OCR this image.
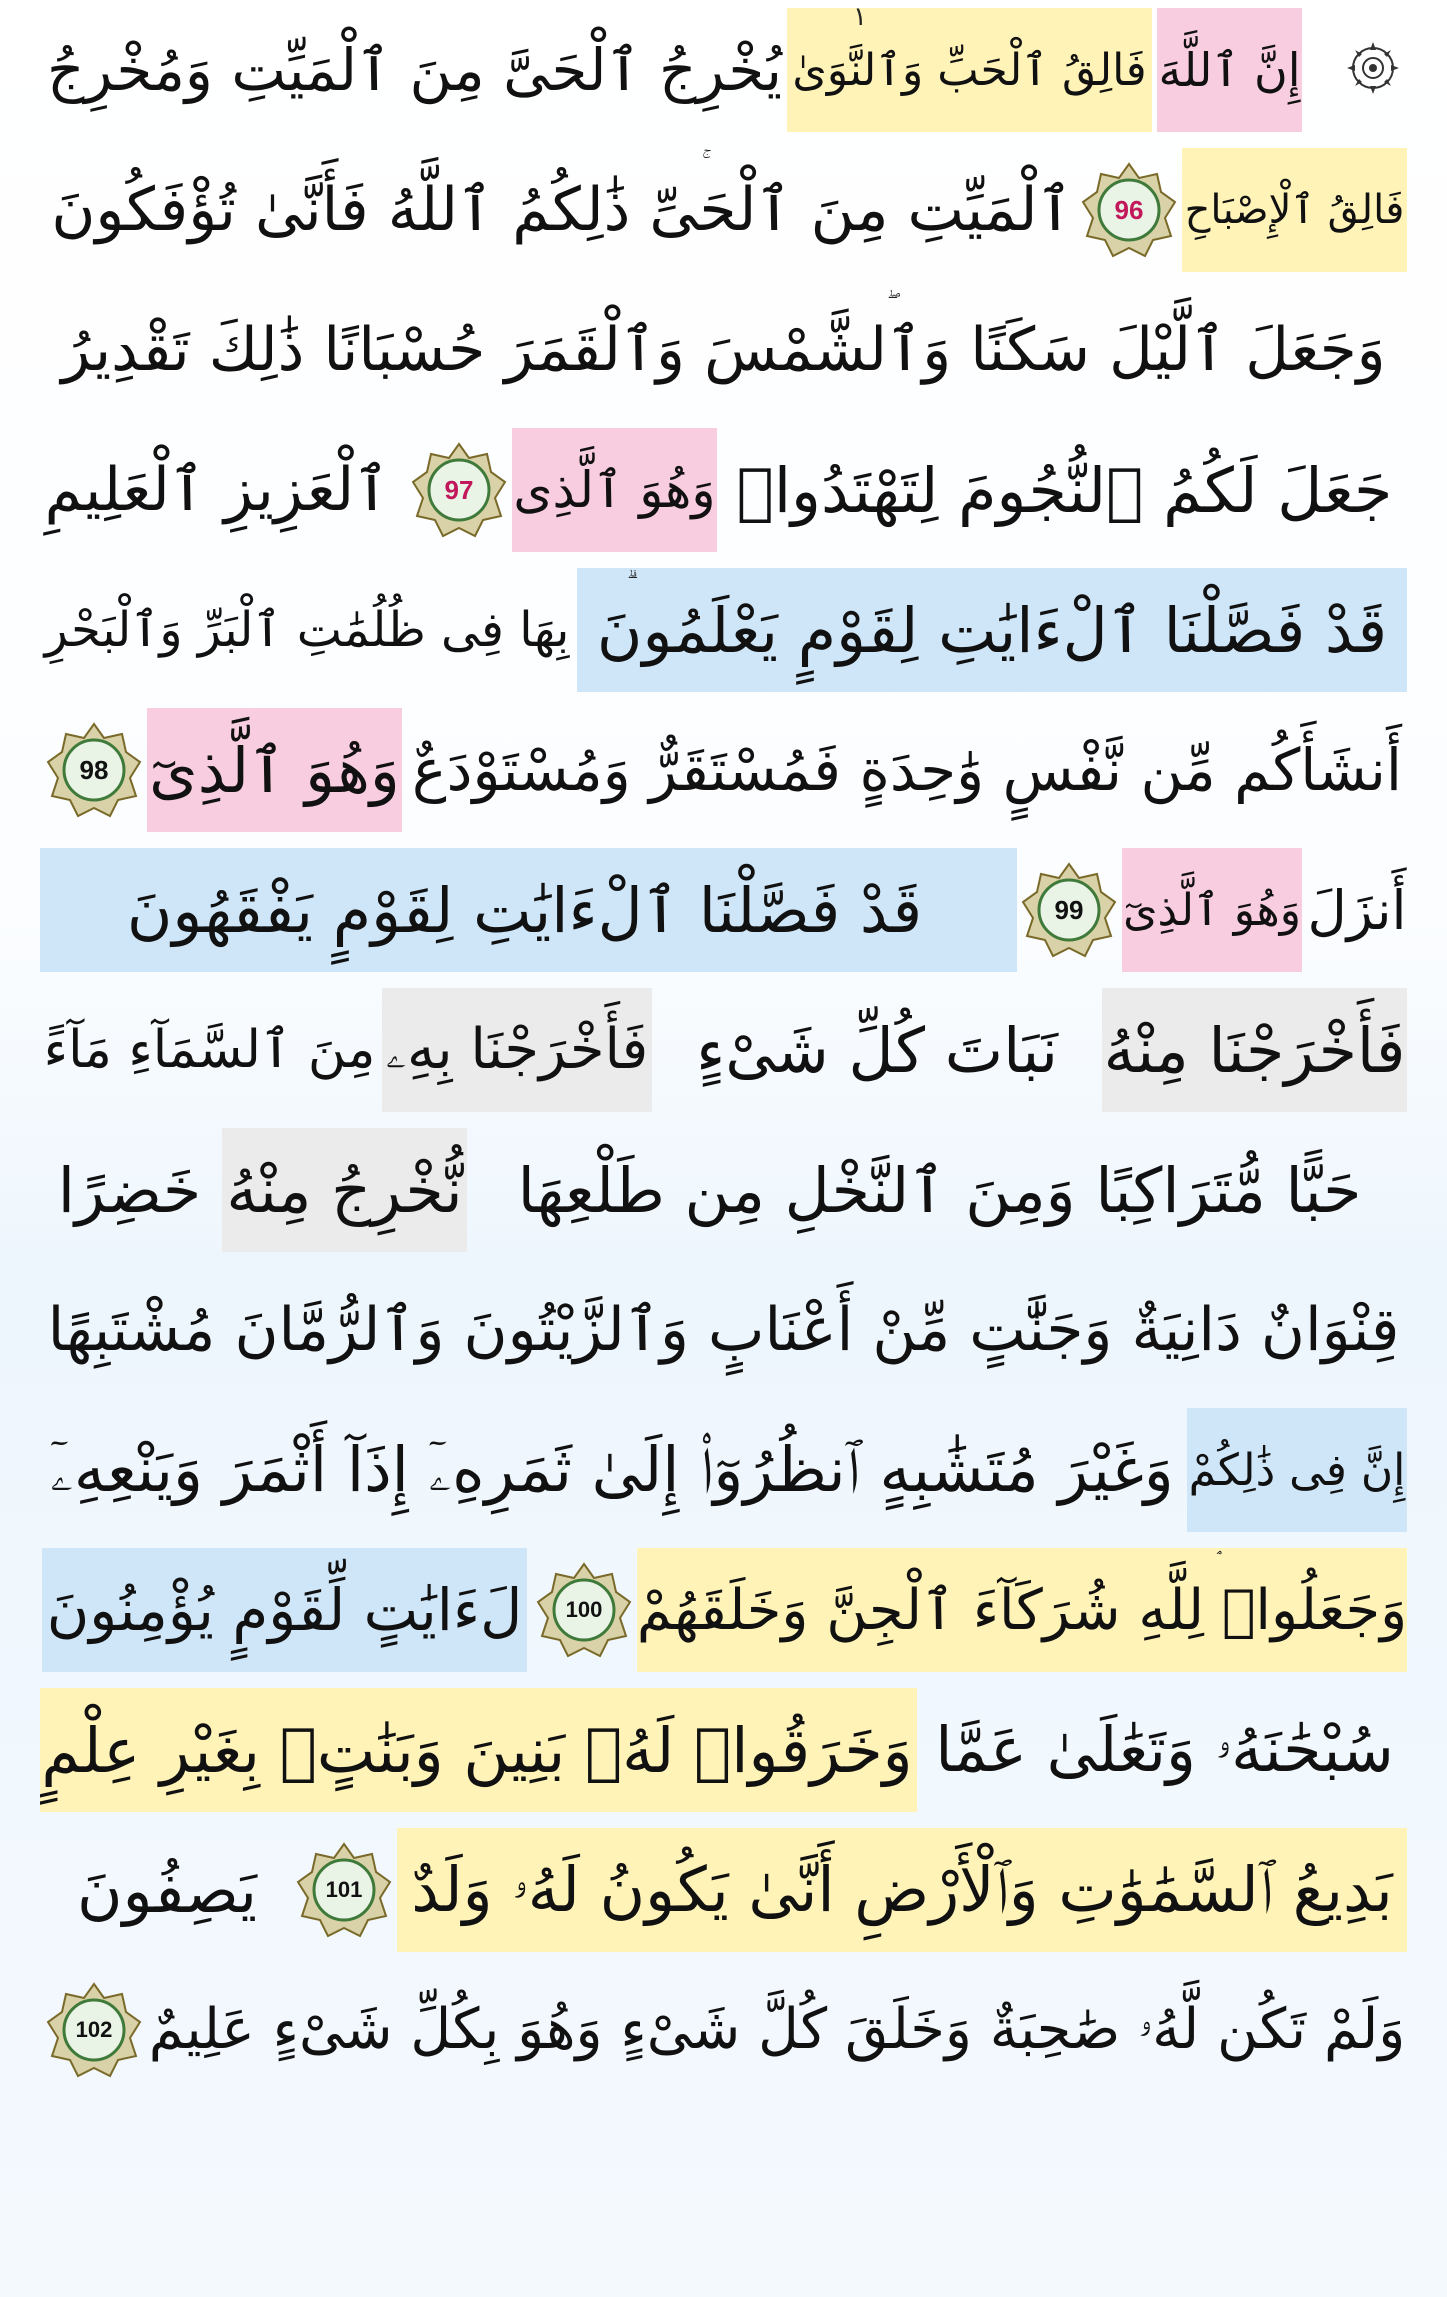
إِنَّ ٱللَّهَ
فَالِقُ ٱلْحَبِّ وَٱلنَّوَىٰ
١
يُخْرِجُ ٱلْحَىَّ مِنَ ٱلْمَيِّتِ وَمُخْرِجُ
ٱلْمَيِّتِ مِنَ ٱلْحَىِّ ذَٰلِكُمُ ٱللَّهُ فَأَنَّىٰ تُؤْفَكُونَ 96 فَالِقُ ٱلْإِصْبَاحِ
وَجَعَلَ ٱلَّيْلَ سَكَنًا وَٱلشَّمْسَ وَٱلْقَمَرَ حُسْبَانًا ذَٰلِكَ تَقْدِيرُ
ٱلْعَزِيزِ ٱلْعَلِيمِ 97 وَهُوَ ٱلَّذِى جَعَلَ لَكُمُ ٱلنُّجُومَ لِتَهْتَدُوا۟
بِهَا فِى ظُلُمَٰتِ ٱلْبَرِّ وَٱلْبَحْرِ قَدْ فَصَّلْنَا ٱلْءَايَٰتِ لِقَوْمٍ يَعْلَمُونَ
98 وَهُوَ ٱلَّذِىٓ أَنشَأَكُم مِّن نَّفْسٍ وَٰحِدَةٍ فَمُسْتَقَرٌّ وَمُسْتَوْدَعٌ
قَدْ فَصَّلْنَا ٱلْءَايَٰتِ لِقَوْمٍ يَفْقَهُونَ	99 وَهُوَ ٱلَّذِىٓ أَنزَلَ
مِنَ ٱلسَّمَآءِ مَآءً فَأَخْرَجْنَا بِهِۦ نَبَاتَ كُلِّ شَىْءٍ فَأَخْرَجْنَا مِنْهُ
خَضِرًا نُّخْرِجُ مِنْهُ حَبًّا مُّتَرَاكِبًا وَمِنَ ٱلنَّخْلِ مِن طَلْعِهَا
قِنْوَانٌ دَانِيَةٌ وَجَنَّٰتٍ مِّنْ أَعْنَابٍ وَٱلزَّيْتُونَ وَٱلرُّمَّانَ مُشْتَبِهًا
وَغَيْرَ مُتَشَٰبِهٍ ٱنظُرُوٓا۟ إِلَىٰ ثَمَرِهِۦٓ إِذَآ أَثْمَرَ وَيَنْعِهِۦٓ إِنَّ فِى ذَٰلِكُمْ
لَءَايَٰتٍ لِّقَوْمٍ يُؤْمِنُونَ 100 وَجَعَلُوا۟ لِلَّهِ شُرَكَآءَ ٱلْجِنَّ وَخَلَقَهُمْ
وَخَرَقُوا۟ لَهُۥ بَنِينَ وَبَنَٰتٍۭ بِغَيْرِ عِلْمٍ سُبْحَٰنَهُۥ وَتَعَٰلَىٰ عَمَّا
يَصِفُونَ	101 بَدِيعُ ٱلسَّمَٰوَٰتِ وَٱلْأَرْضِ أَنَّىٰ يَكُونُ لَهُۥ وَلَدٌ
102 وَلَمْ تَكُن لَّهُۥ صَٰحِبَةٌ وَخَلَقَ كُلَّ شَىْءٍ وَهُوَ بِكُلِّ شَىْءٍ عَلِيمٌ
